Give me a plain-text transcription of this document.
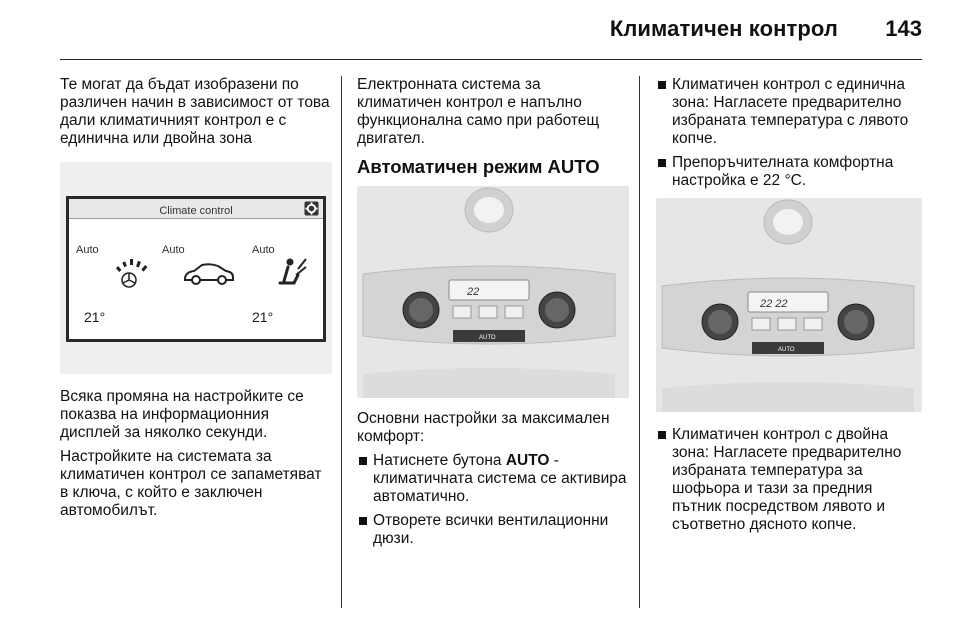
Климатичен контрол 143

Те могат да бъдат изобразени по различен начин в зависимост от това дали климатичният контрол е с единична или двойна зона

Climate control
Auto	Auto	Auto
21°	21°

Всяка промяна на настройките се показва на информационния дисплей за няколко секунди.

Настройките на системата за климатичен контрол се запаметяват в ключа, с който е заключен автомобилът.

Електронната система за климатичен контрол е напълно функционална само при работещ двигател.

Автоматичен режим AUTO
22
AUTO

Основни настройки за максимален комфорт:

Натиснете бутона AUTO - климатичната система се активира автоматично.
Отворете всички вентилационни дюзи.
Климатичен контрол с единична зона: Нагласете предварително избраната температура с лявото копче.
Препоръчителната комфортна настройка е 22 °C.
22 22
AUTO
Климатичен контрол с двойна зона: Нагласете предварително избраната температура за шофьора и тази за предния пътник посредством лявото и съответно дясното копче.
